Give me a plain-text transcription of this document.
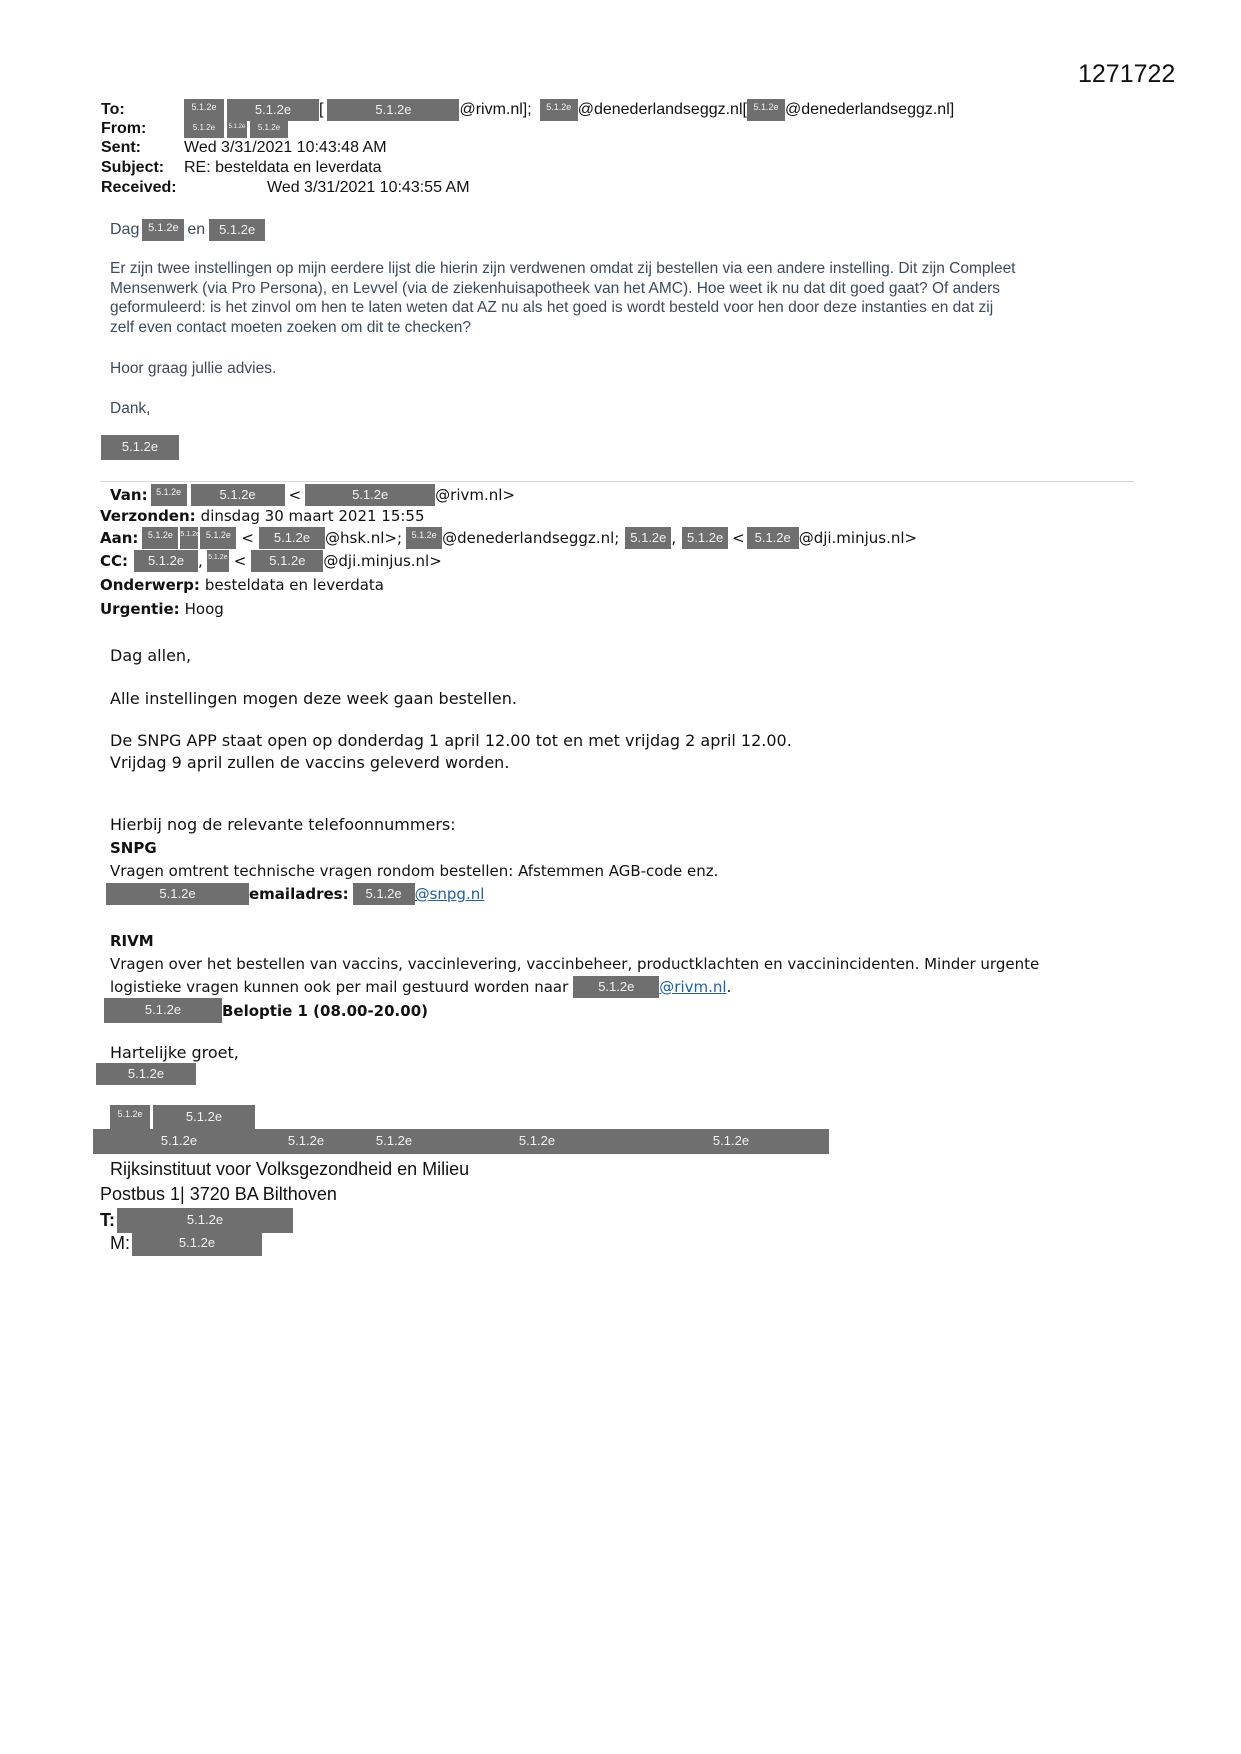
1271722
To:	5.1.2e	5.1.2e	[	5.1.2e	@rivm.nl];	5.1.2e @denederlandseggz.nl[ 5.1.2e @denederlandseggz.nl]
From:	5.1.2e	5.1.2e	5.1.2e
Sent:	Wed 3/31/2021 10:43:48 AM
Subject:	RE: besteldata en leverdata
Received:	Wed 3/31/2021 10:43:55 AM
Dag 5.1.2e en	5.1.2e
Er zijn twee instellingen op mijn eerdere lijst die hierin zijn verdwenen omdat zij bestellen via een andere instelling. Dit zijn Compleet
Mensenwerk (via Pro Persona), en Levvel (via de ziekenhuisapotheek van het AMC). Hoe weet ik nu dat dit goed gaat? Of anders
geformuleerd: is het zinvol om hen te laten weten dat AZ nu als het goed is wordt besteld voor hen door deze instanties en dat zij
zelf even contact moeten zoeken om dit te checken?
Hoor graag jullie advies.
Dank,
5.1.2e
Van: 5.1.2e	5.1.2e	<	5.1.2e	@rivm.nl>
Verzonden: dinsdag 30 maart 2021 15:55
Aan:	5.1.2e	5.1.2e 5.1.2e <	5.1.2e @hsk.nl>;	5.1.2e @denederlandseggz.nl; 5.1.2e , 5.1.2e < 5.1.2e @dji.minjus.nl>
CC:	5.1.2e , 5.1.2e <	5.1.2e	@dji.minjus.nl>
Onderwerp: besteldata en leverdata
Urgentie: Hoog
Dag allen,
Alle instellingen mogen deze week gaan bestellen.
De SNPG APP staat open op donderdag 1 april 12.00 tot en met vrijdag 2 april 12.00.
Vrijdag 9 april zullen de vaccins geleverd worden.
Hierbij nog de relevante telefoonnummers:
SNPG
Vragen omtrent technische vragen rondom bestellen: Afstemmen AGB-code enz.
5.1.2e	emailadres:	5.1.2e @snpg.nl
RIVM
Vragen over het bestellen van vaccins, vaccinlevering, vaccinbeheer, productklachten en vaccinincidenten. Minder urgente
logistieke vragen kunnen ook per mail gestuurd worden naar	5.1.2e	@rivm.nl .
5.1.2e	Beloptie 1 (08.00-20.00)
Hartelijke groet,
5.1.2e
5.1.2e	5.1.2e
5.1.2e	5.1.2e	5.1.2e	5.1.2e	5.1.2e
Rijksinstituut voor Volksgezondheid en Milieu
Postbus 1| 3720 BA Bilthoven
T:	5.1.2e
M:	5.1.2e
